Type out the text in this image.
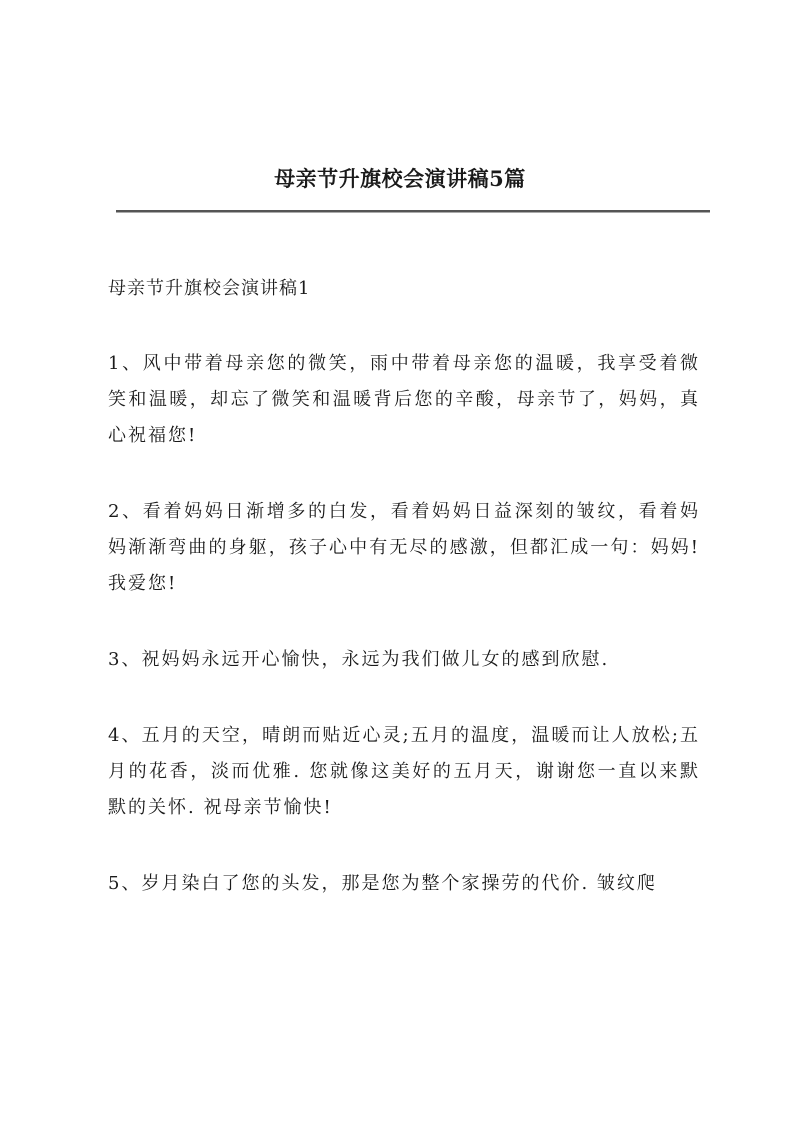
母亲节升旗校会演讲稿5篇
母亲节升旗校会演讲稿1

1、风中带着母亲您的微笑，雨中带着母亲您的温暖，我享受着微笑和温暖，却忘了微笑和温暖背后您的辛酸，母亲节了，妈妈，真心祝福您!

2、看着妈妈日渐增多的白发，看着妈妈日益深刻的皱纹，看着妈妈渐渐弯曲的身躯，孩子心中有无尽的感激，但都汇成一句：妈妈!我爱您!

3、祝妈妈永远开心愉快，永远为我们做儿女的感到欣慰.

4、五月的天空，晴朗而贴近心灵;五月的温度，温暖而让人放松;五月的花香，淡而优雅. 您就像这美好的五月天，谢谢您一直以来默默的关怀. 祝母亲节愉快!

5、岁月染白了您的头发，那是您为整个家操劳的代价. 皱纹爬
